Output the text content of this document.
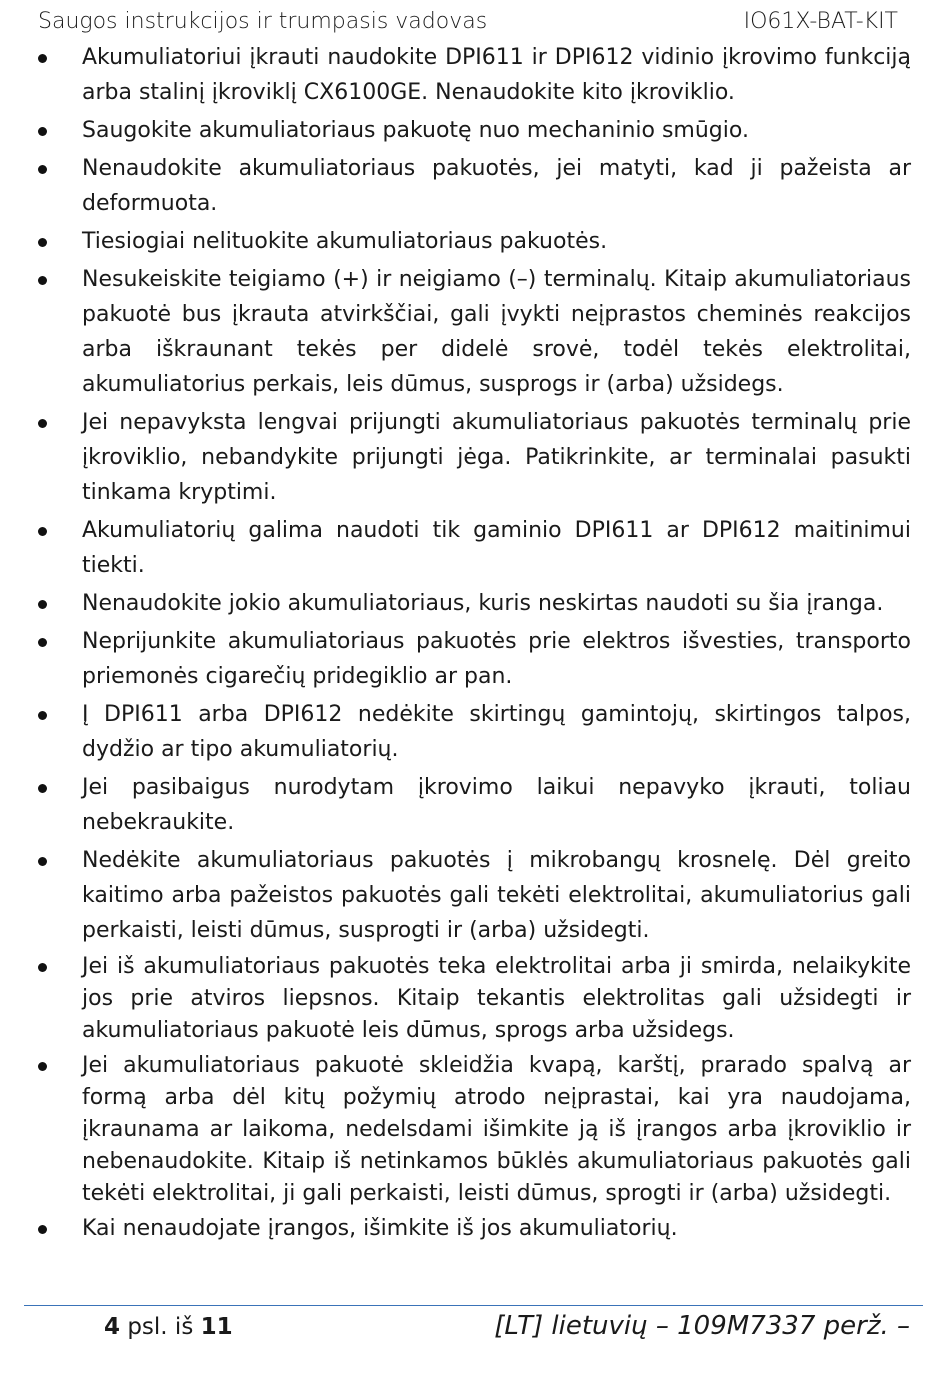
Saugos instrukcijos ir trumpasis vadovas	IO61X-BAT-KIT
Akumuliatoriui įkrauti naudokite DPI611 ir DPI612 vidinio įkrovimo funkciją arba stalinį įkroviklį CX6100GE. Nenaudokite kito įkroviklio.
Saugokite akumuliatoriaus pakuotę nuo mechaninio smūgio.
Nenaudokite akumuliatoriaus pakuotės, jei matyti, kad ji pažeista ar deformuota.
Tiesiogiai nelituokite akumuliatoriaus pakuotės.
Nesukeiskite teigiamo (+) ir neigiamo (–) terminalų. Kitaip akumuliatoriaus pakuotė bus įkrauta atvirkščiai, gali įvykti neįprastos cheminės reakcijos arba iškraunant tekės per didelė srovė, todėl tekės elektrolitai, akumuliatorius perkais, leis dūmus, susprogs ir (arba) užsidegs.
Jei nepavyksta lengvai prijungti akumuliatoriaus pakuotės terminalų prie įkroviklio, nebandykite prijungti jėga. Patikrinkite, ar terminalai pasukti tinkama kryptimi.
Akumuliatorių galima naudoti tik gaminio DPI611 ar DPI612 maitinimui tiekti.
Nenaudokite jokio akumuliatoriaus, kuris neskirtas naudoti su šia įranga.
Neprijunkite akumuliatoriaus pakuotės prie elektros išvesties, transporto priemonės cigarečių pridegiklio ar pan.
Į DPI611 arba DPI612 nedėkite skirtingų gamintojų, skirtingos talpos, dydžio ar tipo akumuliatorių.
Jei pasibaigus nurodytam įkrovimo laikui nepavyko įkrauti, toliau nebekraukite.
Nedėkite akumuliatoriaus pakuotės į mikrobangų krosnelę. Dėl greito kaitimo arba pažeistos pakuotės gali tekėti elektrolitai, akumuliatorius gali perkaisti, leisti dūmus, susprogti ir (arba) užsidegti.
Jei iš akumuliatoriaus pakuotės teka elektrolitai arba ji smirda, nelaikykite jos prie atviros liepsnos. Kitaip tekantis elektrolitas gali užsidegti ir akumuliatoriaus pakuotė leis dūmus, sprogs arba užsidegs.
Jei akumuliatoriaus pakuotė skleidžia kvapą, karštį, prarado spalvą ar formą arba dėl kitų požymių atrodo neįprastai, kai yra naudojama, įkraunama ar laikoma, nedelsdami išimkite ją iš įrangos arba įkroviklio ir nebenaudokite. Kitaip iš netinkamos būklės akumuliatoriaus pakuotės gali tekėti elektrolitai, ji gali perkaisti, leisti dūmus, sprogti ir (arba) užsidegti.
Kai nenaudojate įrangos, išimkite iš jos akumuliatorių.
4 psl. iš 11	[LT] lietuvių – 109M7337 perž. –
